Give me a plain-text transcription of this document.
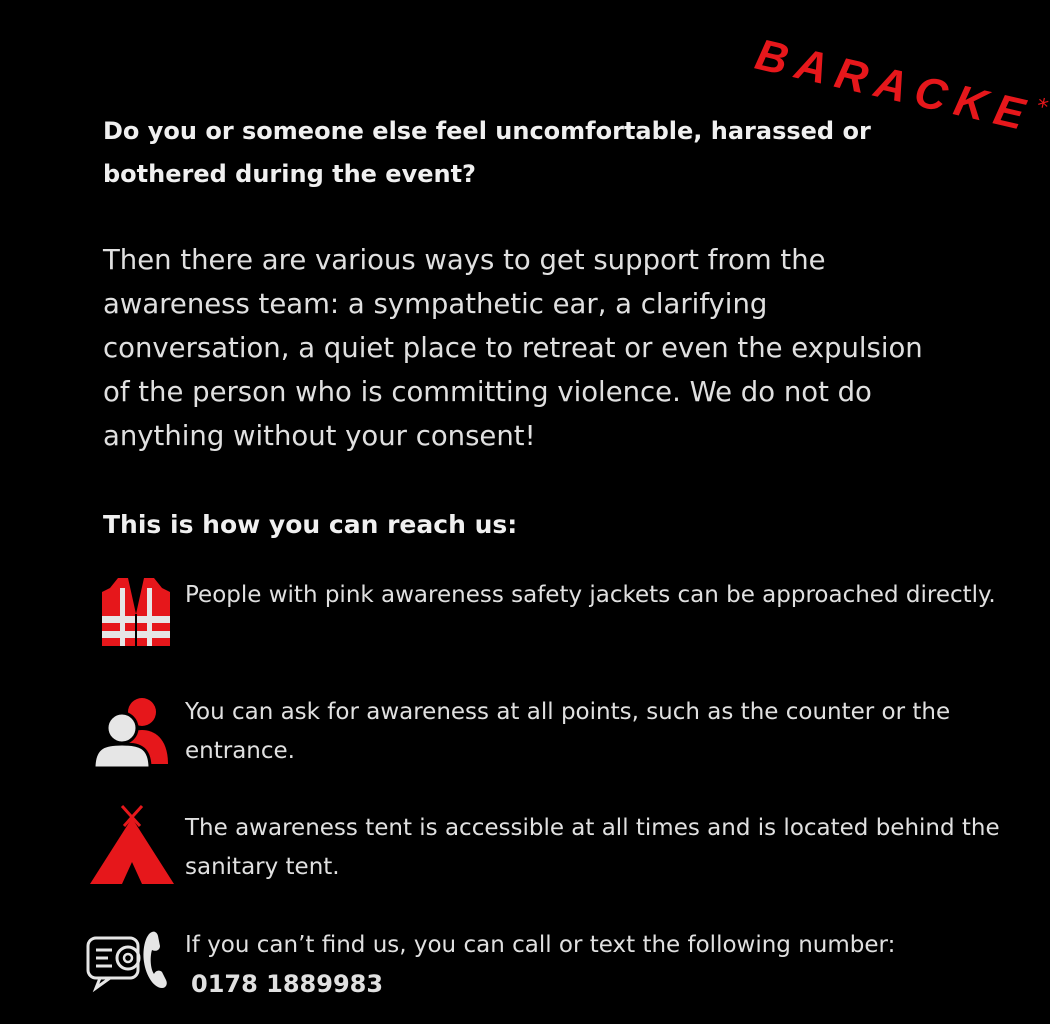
BARACKE*
Do you or someone else feel uncomfortable, harassed or bothered during the event?
Then there are various ways to get support from the awareness team: a sympathetic ear, a clarifying conversation, a quiet place to retreat or even the expulsion of the person who is committing violence. We do not do anything without your consent!
This is how you can reach us:
People with pink awareness safety jackets can be approached directly.
You can ask for awareness at all points, such as the counter or the entrance.
The awareness tent is accessible at all times and is located behind the sanitary tent.
If you can’t find us, you can call or text the following number:
0178 1889983
